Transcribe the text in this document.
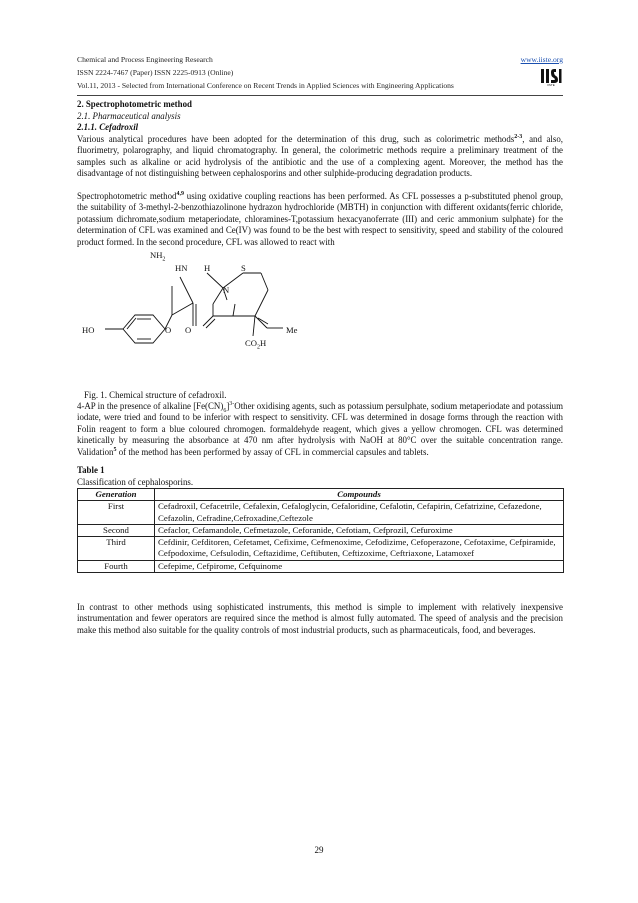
Chemical and Process Engineering Research	www.iiste.org
ISSN 2224-7467 (Paper) ISSN 2225-0913 (Online)
Vol.11, 2013 - Selected from International Conference on Recent Trends in Applied Sciences with Engineering Applications	IISTE
2. Spectrophotometric method
2.1. Pharmaceutical analysis
2.1.1. Cefadroxil
Various analytical procedures have been adopted for the determination of this drug, such as colorimetric methods$^{2-3}$, and also, fluorimetry, polarography, and liquid chromatography. In general, the colorimetric methods require a preliminary treatment of the samples such as alkaline or acid hydrolysis of the antibiotic and the use of a complexing agent. Moreover, the method has the disadvantage of not distinguishing between cephalosporins and other sulphide-producing degradation products.
Spectrophotometric method$^{4,9}$ using oxidative coupling reactions has been performed. As CFL possesses a p-substituted phenol group, the suitability of 3-methyl-2-benzothiazolinone hydrazon hydrochloride (MBTH) in conjunction with different oxidants(ferric chloride, potassium dichromate,sodium metaperiodate, chloramines-T,potassium hexacyanoferrate (III) and ceric ammonium sulphate) for the determination of CFL was examined and Ce(IV) was found to be the best with respect to sensitivity, speed and stability of the coloured product formed. In the second procedure, CFL was allowed to react with
$NH_2$
HN H	S
N
HO	O O	Me
$CO_2H$
Fig. 1. Chemical structure of cefadroxil.
4-AP in the presence of alkaline $[Fe(CN)_6]^{3-}Other$ oxidising agents, such as potassium persulphate, sodium metaperiodate and potassium iodate, were tried and found to be inferior with respect to sensitivity. CFL was determined in dosage forms through the reaction with Folin reagent to form a blue coloured chromogen. formaldehyde reagent, which gives a yellow chromogen. CFL was determined kinetically by measuring the absorbance at 470 nm after hydrolysis with NaOH at 80°C over the suitable concentration range. Validation$^5$ of the method has been performed by assay of CFL in commercial capsules and tablets.
Table 1
Classification of cephalosporins.
Generation	Compounds
First	Cefadroxil, Cefacetrile, Cefalexin, Cefaloglycin, Cefaloridine, Cefalotin, Cefapirin, Cefatrizine, Cefazedone, Cefazolin, Cefradine,Cefroxadine,Ceftezole
Second	Cefaclor, Cefamandole, Cefmetazole, Ceforanide, Cefotiam, Cefprozil, Cefuroxime
Third	Cefdinir, Cefditoren, Cefetamet, Cefixime, Cefmenoxime, Cefodizime, Cefoperazone, Cefotaxime, Cefpiramide, Cefpodoxime, Cefsulodin, Ceftazidime, Ceftibuten, Ceftizoxime, Ceftriaxone, Latamoxef
Fourth	Cefepime, Cefpirome, Cefquinome
In contrast to other methods using sophisticated instruments, this method is simple to implement with relatively inexpensive instrumentation and fewer operators are required since the method is almost fully automated. The speed of analysis and the precision make this method also suitable for the quality controls of most industrial products, such as pharmaceuticals, food, and beverages.
29
